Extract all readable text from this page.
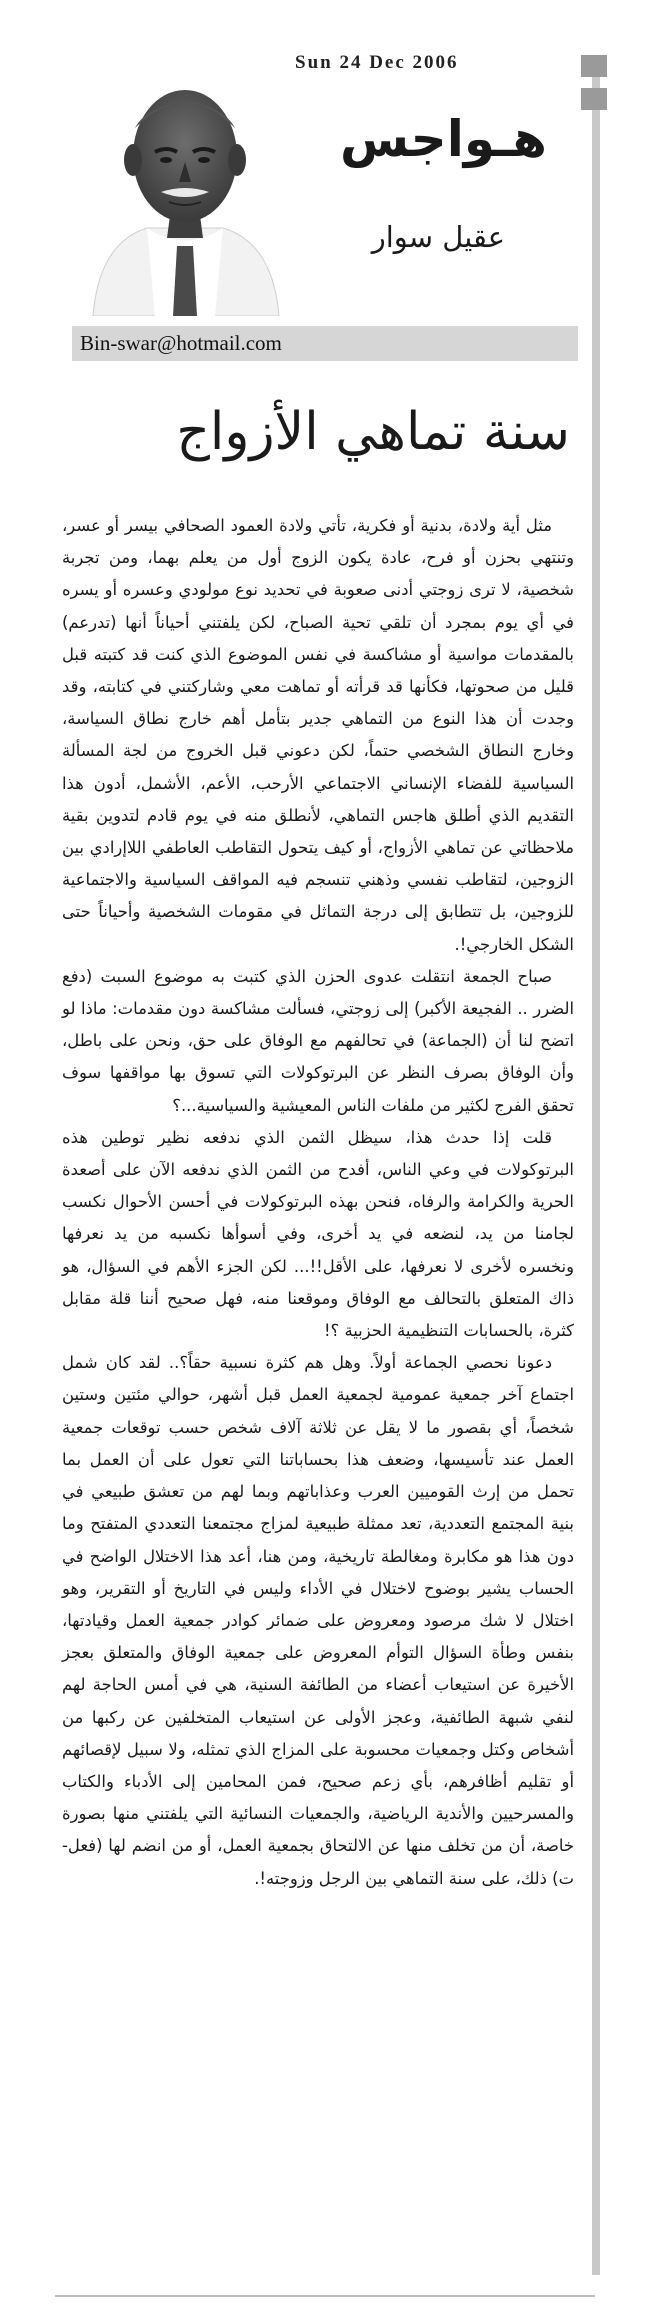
Sun 24 Dec 2006
هـواجس
عقيل سوار
Bin-swar@hotmail.com
سنة تماهي الأزواج

مثل أية ولادة، بدنية أو فكرية، تأتي ولادة العمود الصحافي بيسر أو عسر، وتنتهي بحزن أو فرح، عادة يكون الزوج أول من يعلم بهما، ومن تجربة شخصية، لا ترى زوجتي أدنى صعوبة في تحديد نوع مولودي وعسره أو يسره في أي يوم بمجرد أن تلقي تحية الصباح، لكن يلفتني أحياناً أنها (تدرعم) بالمقدمات مواسية أو مشاكسة في نفس الموضوع الذي كنت قد كتبته قبل قليل من صحوتها، فكأنها قد قرأته أو تماهت معي وشاركتني في كتابته، وقد وجدت أن هذا النوع من التماهي جدير بتأمل أهم خارج نطاق السياسة، وخارج النطاق الشخصي حتماً، لكن دعوني قبل الخروج من لجة المسألة السياسية للفضاء الإنساني الاجتماعي الأرحب، الأعم، الأشمل، أدون هذا التقديم الذي أطلق هاجس التماهي، لأنطلق منه في يوم قادم لتدوين بقية ملاحظاتي عن تماهي الأزواج، أو كيف يتحول التقاطب العاطفي اللاإرادي بين الزوجين، لتقاطب نفسي وذهني تنسجم فيه المواقف السياسية والاجتماعية للزوجين، بل تتطابق إلى درجة التماثل في مقومات الشخصية وأحياناً حتى الشكل الخارجي!.

صباح الجمعة انتقلت عدوى الحزن الذي كتبت به موضوع السبت (دفع الضرر .. الفجيعة الأكبر) إلى زوجتي، فسألت مشاكسة دون مقدمات: ماذا لو اتضح لنا أن (الجماعة) في تحالفهم مع الوفاق على حق، ونحن على باطل، وأن الوفاق بصرف النظر عن البرتوكولات التي تسوق بها مواقفها سوف تحقق الفرج لكثير من ملفات الناس المعيشية والسياسية...؟

قلت إذا حدث هذا، سيظل الثمن الذي ندفعه نظير توطين هذه البرتوكولات في وعي الناس، أفدح من الثمن الذي ندفعه الآن على أصعدة الحرية والكرامة والرفاه، فنحن بهذه البرتوكولات في أحسن الأحوال نكسب لجامنا من يد، لنضعه في يد أخرى، وفي أسوأها نكسبه من يد نعرفها ونخسره لأخرى لا نعرفها، على الأقل!!... لكن الجزء الأهم في السؤال، هو ذاك المتعلق بالتحالف مع الوفاق وموقعنا منه، فهل صحيح أننا قلة مقابل كثرة، بالحسابات التنظيمية الحزبية ؟!

دعونا نحصي الجماعة أولاً. وهل هم كثرة نسبية حقاً؟.. لقد كان شمل اجتماع آخر جمعية عمومية لجمعية العمل قبل أشهر، حوالي مئتين وستين شخصاً، أي بقصور ما لا يقل عن ثلاثة آلاف شخص حسب توقعات جمعية العمل عند تأسيسها، وضعف هذا بحساباتنا التي تعول على أن العمل بما تحمل من إرث القوميين العرب وعذاباتهم وبما لهم من تعشق طبيعي في بنية المجتمع التعددية، تعد ممثلة طبيعية لمزاج مجتمعنا التعددي المتفتح وما دون هذا هو مكابرة ومغالطة تاريخية، ومن هنا، أعد هذا الاختلال الواضح في الحساب يشير بوضوح لاختلال في الأداء وليس في التاريخ أو التقرير، وهو اختلال لا شك مرصود ومعروض على ضمائر كوادر جمعية العمل وقيادتها، بنفس وطأة السؤال التوأم المعروض على جمعية الوفاق والمتعلق بعجز الأخيرة عن استيعاب أعضاء من الطائفة السنية، هي في أمس الحاجة لهم لنفي شبهة الطائفية، وعجز الأولى عن استيعاب المتخلفين عن ركبها من أشخاص وكتل وجمعيات محسوبة على المزاج الذي تمثله، ولا سبيل لإقصائهم أو تقليم أظافرهم، بأي زعم صحيح، فمن المحامين إلى الأدباء والكتاب والمسرحيين والأندية الرياضية، والجمعيات النسائية التي يلفتني منها بصورة خاصة، أن من تخلف منها عن الالتحاق بجمعية العمل، أو من انضم لها (فعل- ت) ذلك، على سنة التماهي بين الرجل وزوجته!.
